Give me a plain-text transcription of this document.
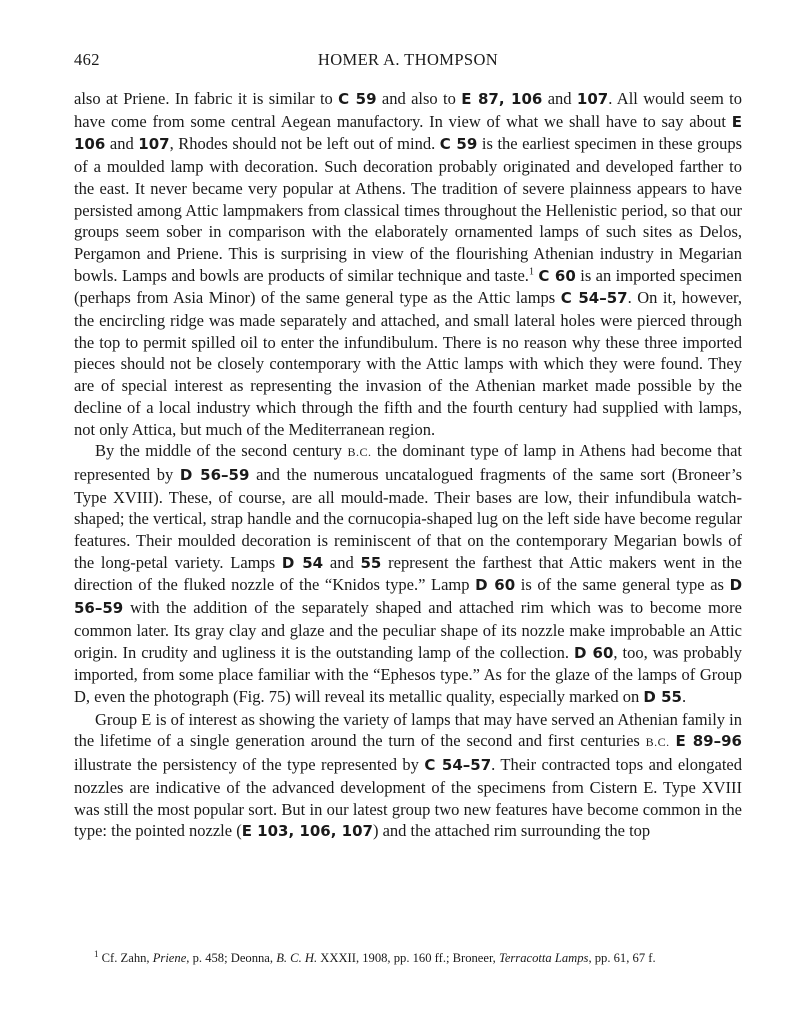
462	HOMER A. THOMPSON

also at Priene. In fabric it is similar to C 59 and also to E 87, 106 and 107. All would seem to have come from some central Aegean manufactory. In view of what we shall have to say about E 106 and 107, Rhodes should not be left out of mind. C 59 is the earliest specimen in these groups of a moulded lamp with decoration. Such decoration probably originated and developed farther to the east. It never became very popular at Athens. The tradition of severe plainness appears to have persisted among Attic lampmakers from classical times throughout the Hellenistic period, so that our groups seem sober in comparison with the elaborately ornamented lamps of such sites as Delos, Pergamon and Priene. This is surprising in view of the flourishing Athenian industry in Megarian bowls. Lamps and bowls are products of similar technique and taste.$^1$ C 60 is an imported specimen (perhaps from Asia Minor) of the same general type as the Attic lamps C 54–57. On it, however, the encircling ridge was made separately and attached, and small lateral holes were pierced through the top to permit spilled oil to enter the infundibulum. There is no reason why these three imported pieces should not be closely contemporary with the Attic lamps with which they were found. They are of special interest as representing the invasion of the Athenian market made possible by the decline of a local industry which through the fifth and the fourth century had supplied with lamps, not only Attica, but much of the Mediterranean region.

By the middle of the second century B.C. the dominant type of lamp in Athens had become that represented by D 56–59 and the numerous uncatalogued fragments of the same sort (Broneer’s Type XVIII). These, of course, are all mould-made. Their bases are low, their infundibula watch-shaped; the vertical, strap handle and the cornucopia-shaped lug on the left side have become regular features. Their moulded decoration is reminiscent of that on the contemporary Megarian bowls of the long-petal variety. Lamps D 54 and 55 represent the farthest that Attic makers went in the direction of the fluked nozzle of the “Knidos type.” Lamp D 60 is of the same general type as D 56–59 with the addition of the separately shaped and attached rim which was to become more common later. Its gray clay and glaze and the peculiar shape of its nozzle make improbable an Attic origin. In crudity and ugliness it is the outstanding lamp of the collection. D 60, too, was probably imported, from some place familiar with the “Ephesos type.” As for the glaze of the lamps of Group D, even the photograph (Fig. 75) will reveal its metallic quality, especially marked on D 55.

Group E is of interest as showing the variety of lamps that may have served an Athenian family in the lifetime of a single generation around the turn of the second and first centuries B.C. E 89–96 illustrate the persistency of the type represented by C 54–57. Their contracted tops and elongated nozzles are indicative of the advanced development of the specimens from Cistern E. Type XVIII was still the most popular sort. But in our latest group two new features have become common in the type: the pointed nozzle (E 103, 106, 107) and the attached rim surrounding the top

$^1$ Cf. Zahn, Priene, p. 458; Deonna, B. C. H. XXXII, 1908, pp. 160 ff.; Broneer, Terracotta Lamps, pp. 61, 67 f.
